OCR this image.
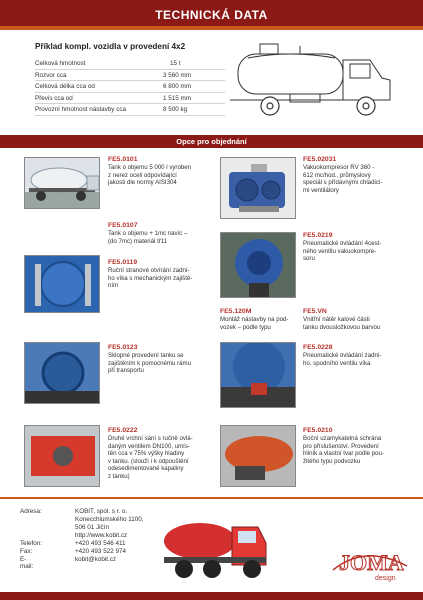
TECHNICKÁ DATA
Příklad kompl. vozidla v provedení 4x2
Celková hmotnost	15 t
Rozvor cca	3 560 mm
Celková délka cca od	6 800 mm
Převis cca od	1 515 mm
Provozní hmotnost nástavby cca	8 500 kg
Opce pro objednání
FE5.0101
Tank o objemu 5 000 l vyroben
z nerez oceli odpovídající
jakosti dle normy AISI304
FE5.02031
Vakuokompresor RV 360 -
612 mc/hod., průmyslový
speciál s přídavnými chladicí-
mi ventilátory
FE5.0107
Tank o objemu + 1mc navíc –
(do 7mc) materiál tř11
FE5.0219
Pneumatické ovládání 4cest-
ného ventilu vakuokompre-
soru
FE5.0119
Ruční stranové otvírání zadní-
ho víka s mechanickým zajiště-
ním
FE5.120M
Montáž nástavby na pod-
vozek – podle typu
FE5.VN
Vnitřní nátěr kalové části
tanku dvousložkovou barvou
FE5.0123
Sklopné provedení tanku se
zajištěním k pomocnému rámu
při transportu
FE5.0228
Pneumatické ovládání zadní-
ho, spodního ventilu víka
FE5.0222
Druhé vrchní sání s ručně ovlá-
daným ventilem DN100, umís-
těn cca v 75% výšky hladiny
v tanku. (slouží i k odpouštění
odesedimentované kapaliny
z tanku)
FE5.0210
Boční uzamykatelná schrána
pro příslušenství. Provedení
hliník a vlastní tvar podle pou-
žitého typu podvozku
Adresa:	KOBIT, spol. s r. o.
Konecchlumského 1100,
506 01 Jičín
http://www.kobit.cz
Telefon:	+420 493 546 411
Fax:	+420 493 522 974
E-mail:
kobit@kobit.cz	JOMA
design
